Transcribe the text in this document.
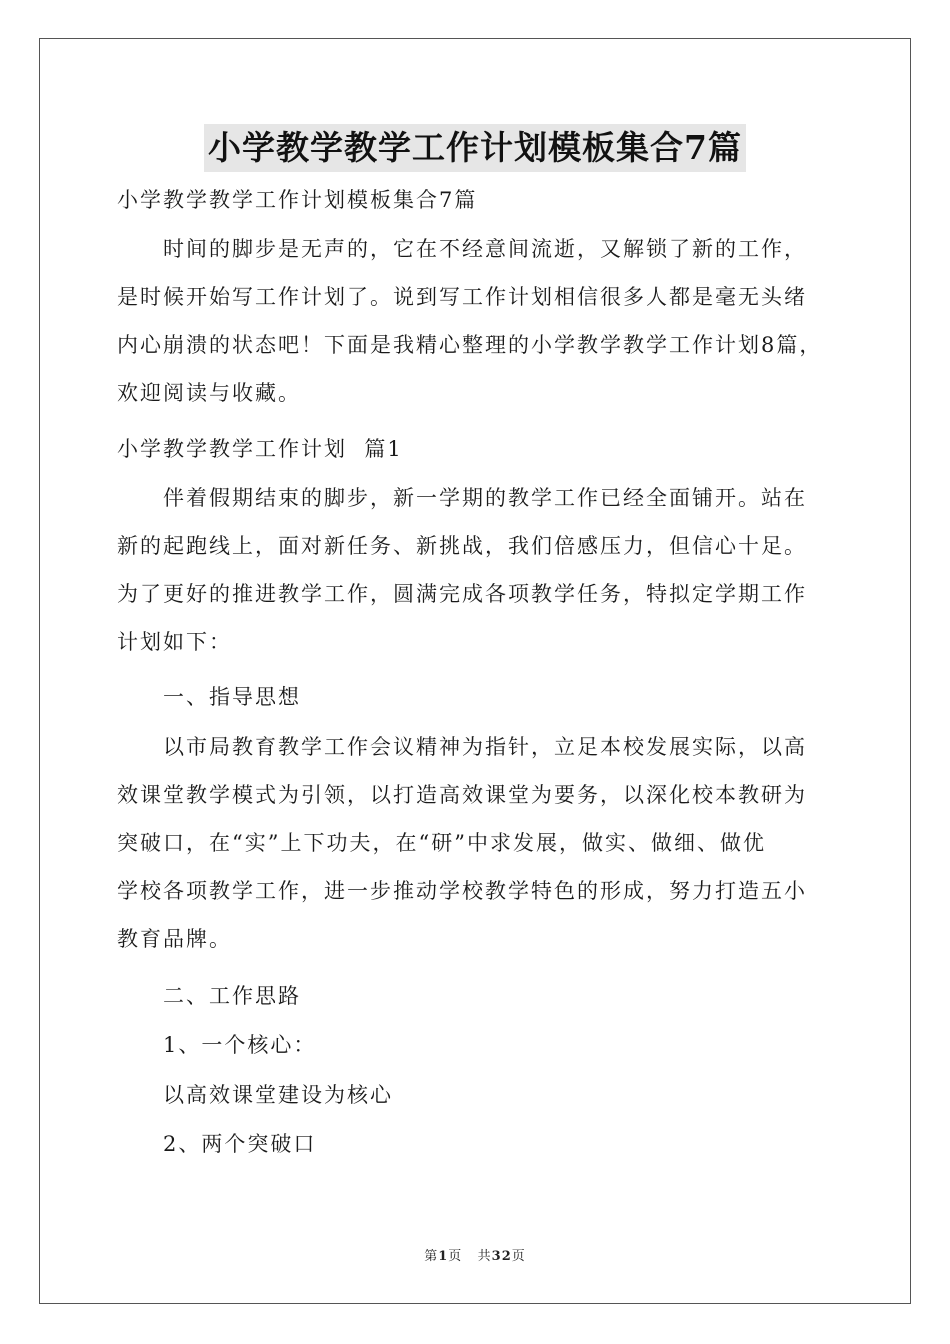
小学教学教学工作计划模板集合7篇
小学教学教学工作计划模板集合7篇
时间的脚步是无声的，它在不经意间流逝，又解锁了新的工作，
是时候开始写工作计划了。说到写工作计划相信很多人都是毫无头绪
内心崩溃的状态吧！下面是我精心整理的小学教学教学工作计划8篇，
欢迎阅读与收藏。
小学教学教学工作计划  篇1
伴着假期结束的脚步，新一学期的教学工作已经全面铺开。站在
新的起跑线上，面对新任务、新挑战，我们倍感压力，但信心十足。
为了更好的推进教学工作，圆满完成各项教学任务，特拟定学期工作
计划如下：
一、指导思想
以市局教育教学工作会议精神为指针，立足本校发展实际，以高
效课堂教学模式为引领，以打造高效课堂为要务，以深化校本教研为
突破口，在“实”上下功夫，在“研”中求发展，做实、做细、做优
学校各项教学工作，进一步推动学校教学特色的形成，努力打造五小
教育品牌。
二、工作思路
1、一个核心：
以高效课堂建设为核心
2、两个突破口
第1页   共32页
